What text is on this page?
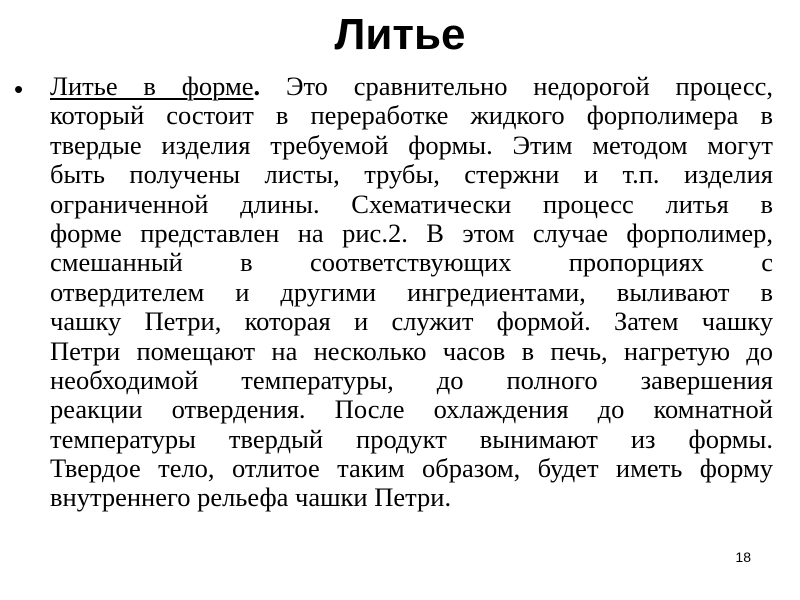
Литье
• Литье в форме. Это сравнительно недорогой процесс,
который состоит в переработке жидкого форполимера в
твердые изделия требуемой формы. Этим методом могут
быть получены листы, трубы, стержни и т.п. изделия
ограниченной длины. Схематически процесс литья в
форме представлен на рис.2. В этом случае форполимер,
смешанный в соответствующих пропорциях с
отвердителем и другими ингредиентами, выливают в
чашку Петри, которая и служит формой. Затем чашку
Петри помещают на несколько часов в печь, нагретую до
необходимой температуры, до полного завершения
реакции отвердения. После охлаждения до комнатной
температуры твердый продукт вынимают из формы.
Твердое тело, отлитое таким образом, будет иметь форму
внутреннего рельефа чашки Петри.
18
